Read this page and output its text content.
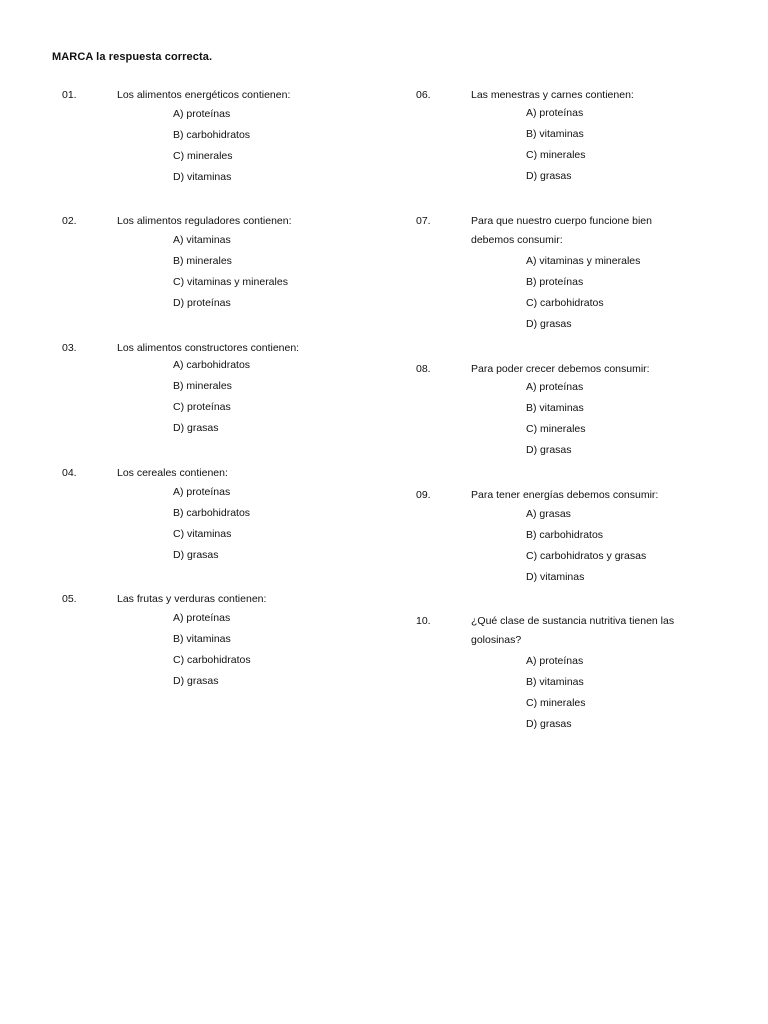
MARCA la respuesta correcta.
01.	Los alimentos energéticos contienen:
A) proteínas
B) carbohidratos
C) minerales
D) vitaminas
02.	Los alimentos reguladores contienen:
A) vitaminas
B) minerales
C) vitaminas y minerales
D) proteínas
03.	Los alimentos constructores contienen:
A) carbohidratos
B) minerales
C) proteínas
D) grasas
04.	Los cereales contienen:
A) proteínas
B) carbohidratos
C) vitaminas
D) grasas
05.	Las frutas y verduras contienen:
A) proteínas
B) vitaminas
C) carbohidratos
D) grasas
06.	Las menestras y carnes contienen:
A) proteínas
B) vitaminas
C) minerales
D) grasas
07.	Para que nuestro cuerpo funcione bien
debemos consumir:
A) vitaminas y minerales
B) proteínas
C) carbohidratos
D) grasas
08.	Para poder crecer debemos consumir:
A) proteínas
B) vitaminas
C) minerales
D) grasas
09.	Para tener energías debemos consumir:
A) grasas
B) carbohidratos
C) carbohidratos y grasas
D) vitaminas
10.	¿Qué clase de sustancia nutritiva tienen las
golosinas?
A) proteínas
B) vitaminas
C) minerales
D) grasas
